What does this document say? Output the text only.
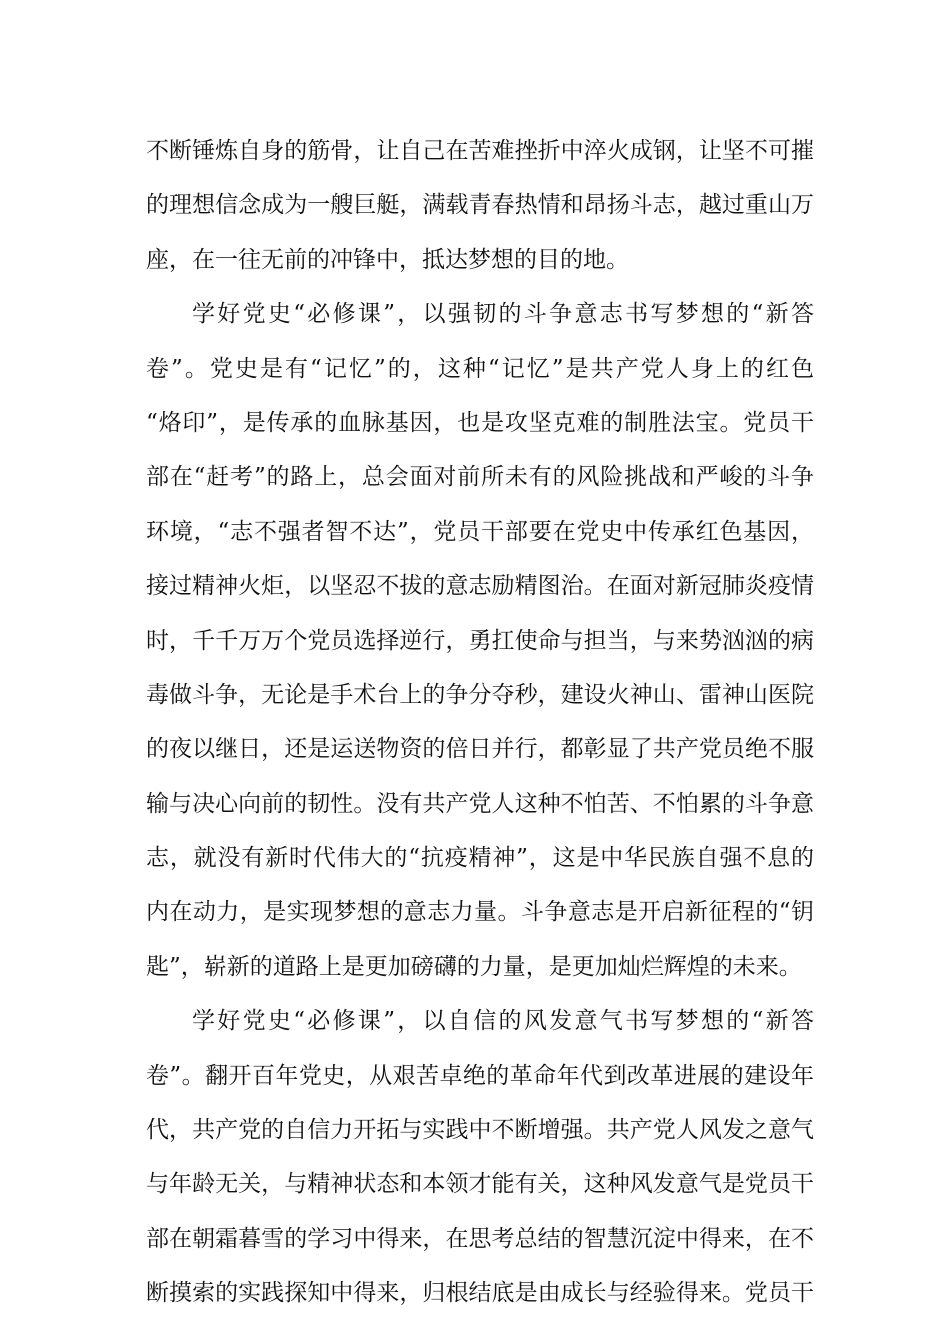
不断锤炼自身的筋骨，让自己在苦难挫折中淬火成钢，让坚不可摧
的理想信念成为一艘巨艇，满载青春热情和昂扬斗志，越过重山万
座，在一往无前的冲锋中，抵达梦想的目的地。
学好党史“必修课”，以强韧的斗争意志书写梦想的“新答
卷”。党史是有“记忆”的，这种“记忆”是共产党人身上的红色
“烙印”，是传承的血脉基因，也是攻坚克难的制胜法宝。党员干
部在“赶考”的路上，总会面对前所未有的风险挑战和严峻的斗争
环境，“志不强者智不达”，党员干部要在党史中传承红色基因，
接过精神火炬，以坚忍不拔的意志励精图治。在面对新冠肺炎疫情
时，千千万万个党员选择逆行，勇扛使命与担当，与来势汹汹的病
毒做斗争，无论是手术台上的争分夺秒，建设火神山、雷神山医院
的夜以继日，还是运送物资的倍日并行，都彰显了共产党员绝不服
输与决心向前的韧性。没有共产党人这种不怕苦、不怕累的斗争意
志，就没有新时代伟大的“抗疫精神”，这是中华民族自强不息的
内在动力，是实现梦想的意志力量。斗争意志是开启新征程的“钥
匙”，崭新的道路上是更加磅礴的力量，是更加灿烂辉煌的未来。
学好党史“必修课”，以自信的风发意气书写梦想的“新答
卷”。翻开百年党史，从艰苦卓绝的革命年代到改革进展的建设年
代，共产党的自信力开拓与实践中不断增强。共产党人风发之意气
与年龄无关，与精神状态和本领才能有关，这种风发意气是党员干
部在朝霜暮雪的学习中得来，在思考总结的智慧沉淀中得来，在不
断摸索的实践探知中得来，归根结底是由成长与经验得来。党员干
